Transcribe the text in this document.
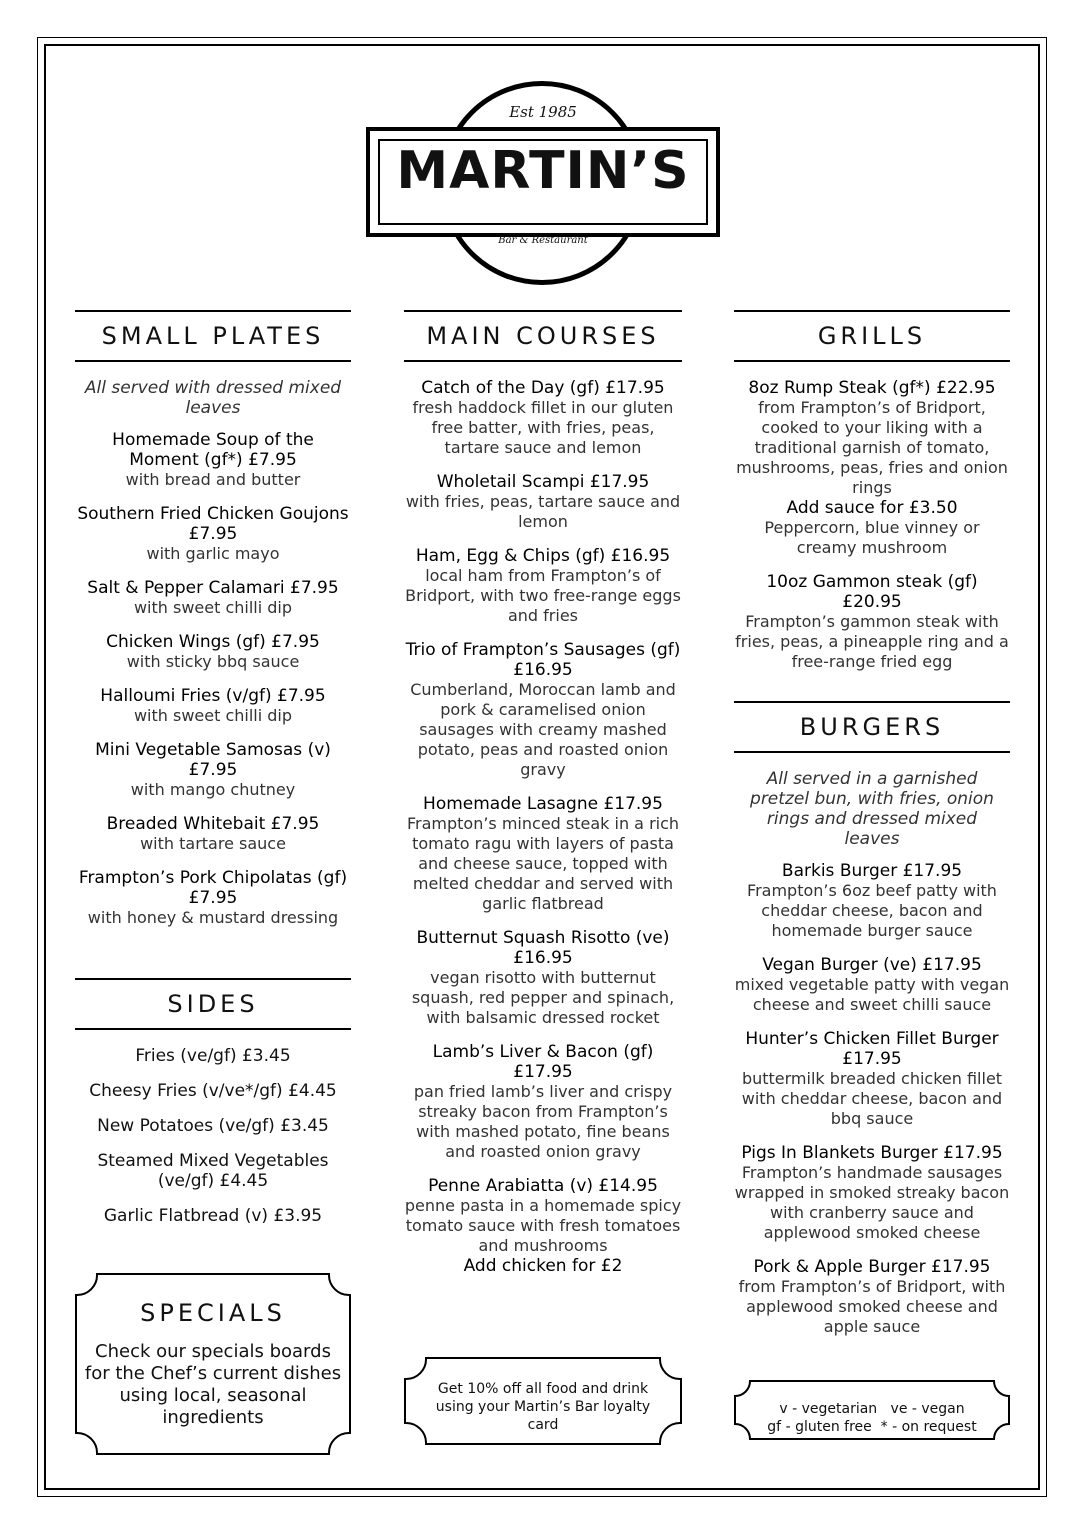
Est 1985
MARTIN’S
Bar & Restaurant
SMALL PLATES
All served with dressed mixed leaves
Homemade Soup of the Moment (gf*) £7.95
with bread and butter
Southern Fried Chicken Goujons £7.95
with garlic mayo
Salt & Pepper Calamari £7.95
with sweet chilli dip
Chicken Wings (gf) £7.95
with sticky bbq sauce
Halloumi Fries (v/gf) £7.95
with sweet chilli dip
Mini Vegetable Samosas (v) £7.95
with mango chutney
Breaded Whitebait £7.95
with tartare sauce
Frampton’s Pork Chipolatas (gf) £7.95
with honey & mustard dressing
SIDES
Fries (ve/gf) £3.45
Cheesy Fries (v/ve*/gf) £4.45
New Potatoes (ve/gf) £3.45
Steamed Mixed Vegetables (ve/gf) £4.45
Garlic Flatbread (v) £3.95
SPECIALS
Check our specials boards for the Chef’s current dishes using local, seasonal ingredients
MAIN COURSES
Catch of the Day (gf) £17.95
fresh haddock fillet in our gluten free batter, with fries, peas, tartare sauce and lemon
Wholetail Scampi £17.95
with fries, peas, tartare sauce and lemon
Ham, Egg & Chips (gf) £16.95
local ham from Frampton’s of Bridport, with two free-range eggs and fries
Trio of Frampton’s Sausages (gf) £16.95
Cumberland, Moroccan lamb and pork & caramelised onion sausages with creamy mashed potato, peas and roasted onion gravy
Homemade Lasagne £17.95
Frampton’s minced steak in a rich tomato ragu with layers of pasta and cheese sauce, topped with melted cheddar and served with garlic flatbread
Butternut Squash Risotto (ve) £16.95
vegan risotto with butternut squash, red pepper and spinach, with balsamic dressed rocket
Lamb’s Liver & Bacon (gf) £17.95
pan fried lamb’s liver and crispy streaky bacon from Frampton’s with mashed potato, fine beans and roasted onion gravy
Penne Arabiatta (v) £14.95
penne pasta in a homemade spicy tomato sauce with fresh tomatoes and mushrooms
Add chicken for £2
Get 10% off all food and drink using your Martin’s Bar loyalty card
GRILLS
8oz Rump Steak (gf*) £22.95
from Frampton’s of Bridport, cooked to your liking with a traditional garnish of tomato, mushrooms, peas, fries and onion rings
Add sauce for £3.50
Peppercorn, blue vinney or creamy mushroom
10oz Gammon steak (gf) £20.95
Frampton’s gammon steak with fries, peas, a pineapple ring and a free-range fried egg
BURGERS
All served in a garnished pretzel bun, with fries, onion rings and dressed mixed leaves
Barkis Burger £17.95
Frampton’s 6oz beef patty with cheddar cheese, bacon and homemade burger sauce
Vegan Burger (ve) £17.95
mixed vegetable patty with vegan cheese and sweet chilli sauce
Hunter’s Chicken Fillet Burger £17.95
buttermilk breaded chicken fillet with cheddar cheese, bacon and bbq sauce
Pigs In Blankets Burger £17.95
Frampton’s handmade sausages wrapped in smoked streaky bacon with cranberry sauce and applewood smoked cheese
Pork & Apple Burger £17.95
from Frampton’s of Bridport, with applewood smoked cheese and apple sauce
v - vegetarian   ve - vegan
gf - gluten free  * - on request
